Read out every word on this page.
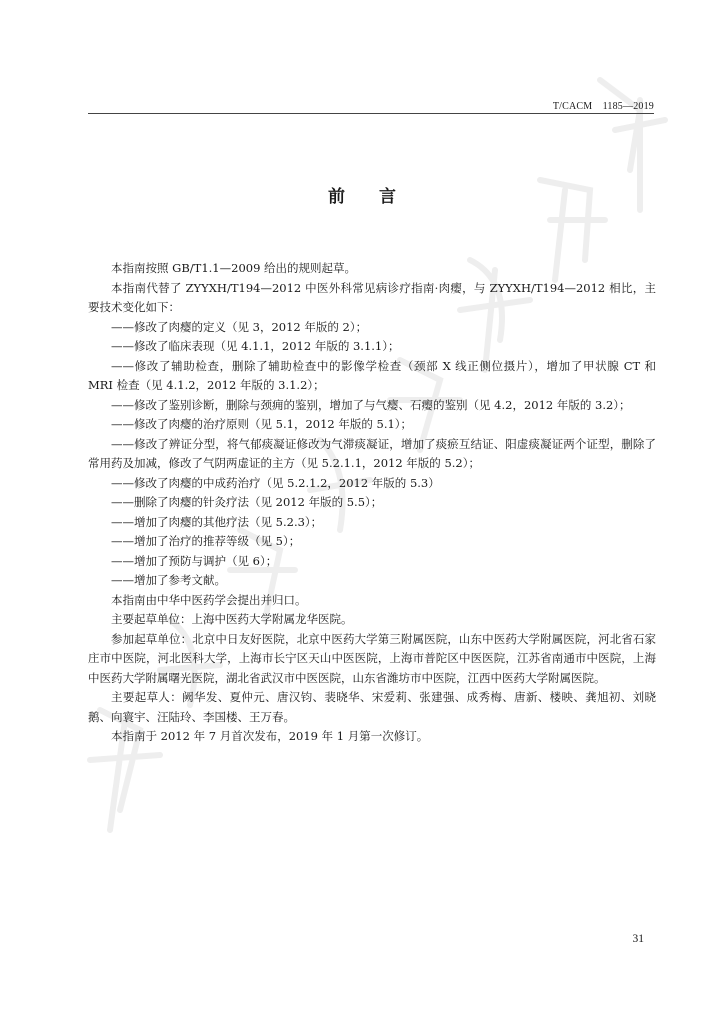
T/CACM　1185—2019
前言

本指南按照 GB/T1.1—2009 给出的规则起草。

本指南代替了 ZYYXH/T194—2012 中医外科常见病诊疗指南·肉瘿，与 ZYYXH/T194—2012 相比，主要技术变化如下：

——修改了肉瘿的定义（见 3，2012 年版的 2）；

——修改了临床表现（见 4.1.1，2012 年版的 3.1.1）；

——修改了辅助检查，删除了辅助检查中的影像学检查（颈部 X 线正侧位摄片），增加了甲状腺 CT 和 MRI 检查（见 4.1.2，2012 年版的 3.1.2）；

——修改了鉴别诊断，删除与颈痈的鉴别，增加了与气瘿、石瘿的鉴别（见 4.2，2012 年版的 3.2）；

——修改了肉瘿的治疗原则（见 5.1，2012 年版的 5.1）；

——修改了辨证分型，将气郁痰凝证修改为气滞痰凝证，增加了痰瘀互结证、阳虚痰凝证两个证型，删除了常用药及加减，修改了气阴两虚证的主方（见 5.2.1.1，2012 年版的 5.2）；

——修改了肉瘿的中成药治疗（见 5.2.1.2，2012 年版的 5.3）

——删除了肉瘿的针灸疗法（见 2012 年版的 5.5）；

——增加了肉瘿的其他疗法（见 5.2.3）；

——增加了治疗的推荐等级（见 5）；

——增加了预防与调护（见 6）；

——增加了参考文献。

本指南由中华中医药学会提出并归口。

主要起草单位：上海中医药大学附属龙华医院。

参加起草单位：北京中日友好医院，北京中医药大学第三附属医院，山东中医药大学附属医院，河北省石家庄市中医院，河北医科大学，上海市长宁区天山中医医院，上海市普陀区中医医院，江苏省南通市中医院，上海中医药大学附属曙光医院，湖北省武汉市中医医院，山东省潍坊市中医院，江西中医药大学附属医院。

主要起草人：阙华发、夏仲元、唐汉钧、裴晓华、宋爱莉、张建强、成秀梅、唐新、楼映、龚旭初、刘晓鹅、向寰宇、汪陆玲、李国楼、王万春。

本指南于 2012 年 7 月首次发布，2019 年 1 月第一次修订。

31
